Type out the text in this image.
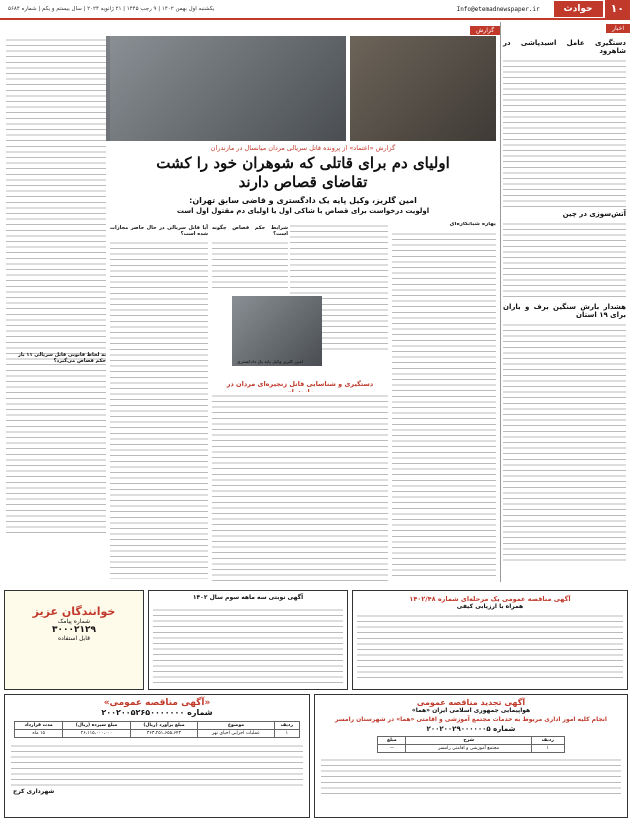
۱۰
حوادث
Info@etemadnewspaper.ir
یکشنبه اول بهمن ۱۴۰۲ | ۹ رجب ۱۴۴۵ | ۲۱ ژانویه ۲۰۲۴ | سال بیستم و یکم | شماره ۵۶۸۴
اخبار
دستگیری عامل اسیدپاشی در شاهرود
آتش‌سوزی در چین
هشدار بارش سنگین برف و باران برای ۱۹ استان
گزارش
گزارش «اعتماد» از پرونده قاتل سریالی مردان میانسال در مازندران
اولیای دم برای قاتلی که شوهران خود را کشت
تقاضای قصاص دارند
امین گلریز، وکیل پایه یک دادگستری و قاضی سابق تهران:
اولویت درخواست برای قصاص با شاکی اول یا اولیای دم مقتول اول است
بهاره شبانکاره‌ای
امین گلریز وکیل پایه یک دادگستری
شرایط حکم قصاص چگونه است؟
آیا قاتل سریالی در حال حاضر مجازات شده است؟
دستگیری و شناسایی قاتل زنجیره‌ای مردان در
به لحاظ قانونی قاتل سریالی ۱۱ بار حکم قصاص می‌گیرد؟
آگهی نوبتی سه ماهه سوم سال ۱۴۰۲	آگهی مناقصه عمومی یک مرحله‌ای شماره ۱۴۰۲/۴۸
همراه با ارزیابی کیفی
خوانندگان عزیز
شماره پیامک
۳۰۰۰۲۱۲۹
قابل استفاده
«آگهی مناقصه عمومی»
شماره ۲۰۰۲۰۰۵۲۶۵۰۰۰۰۰۰۰
ردیف	موضوع	مبلغ برآورد (ریال)	مبلغ سپرده (ریال)	مدت قرارداد
۱	عملیات اجرایی احیای نهر	۳۶۳،۲۵۱،۶۵۵،۶۴۳	۲۶،۱۱۵،۰۰۰،۰۰۰	۱۵ ماه
شهرداری کرج
آگهی تجدید مناقصه عمومی
هواپیمایی جمهوری اسلامی ایران «هما»
انجام کلیه امور اداری مربوط به خدمات مجتمع آموزشی و اقامتی «هما» در شهرستان رامسر
شماره ۲۰۰۲۰۰۲۹۰۰۰۰۰۰۵
ردیف	شرح	مبلغ
۱	مجتمع آموزشی و اقامتی رامسر	—
